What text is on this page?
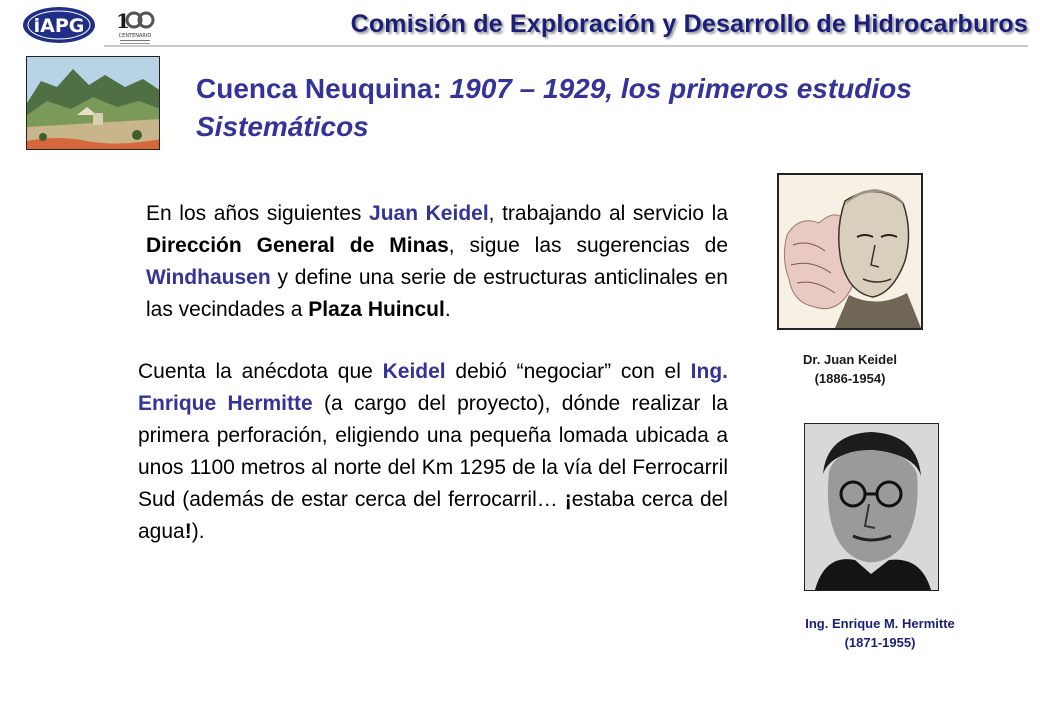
iAPG 1
CENTENARIO	Comisión de Exploración y Desarrollo de Hidrocarburos
Cuenca Neuquina: 1907 – 1929, los primeros estudios Sistemáticos

En los años siguientes Juan Keidel, trabajando al servicio la Dirección General de Minas, sigue las sugerencias de Windhausen y define una serie de estructuras anticlinales en las vecindades a Plaza Huincul.

Cuenta la anécdota que Keidel debió “negociar” con el Ing. Enrique Hermitte (a cargo del proyecto), dónde realizar la primera perforación, eligiendo una pequeña lomada ubicada a unos 1100 metros al norte del Km 1295 de la vía del Ferrocarril Sud (además de estar cerca del ferrocarril… ¡estaba cerca del agua!).

Dr. Juan Keidel
(1886-1954)
Ing. Enrique M. Hermitte
(1871-1955)
